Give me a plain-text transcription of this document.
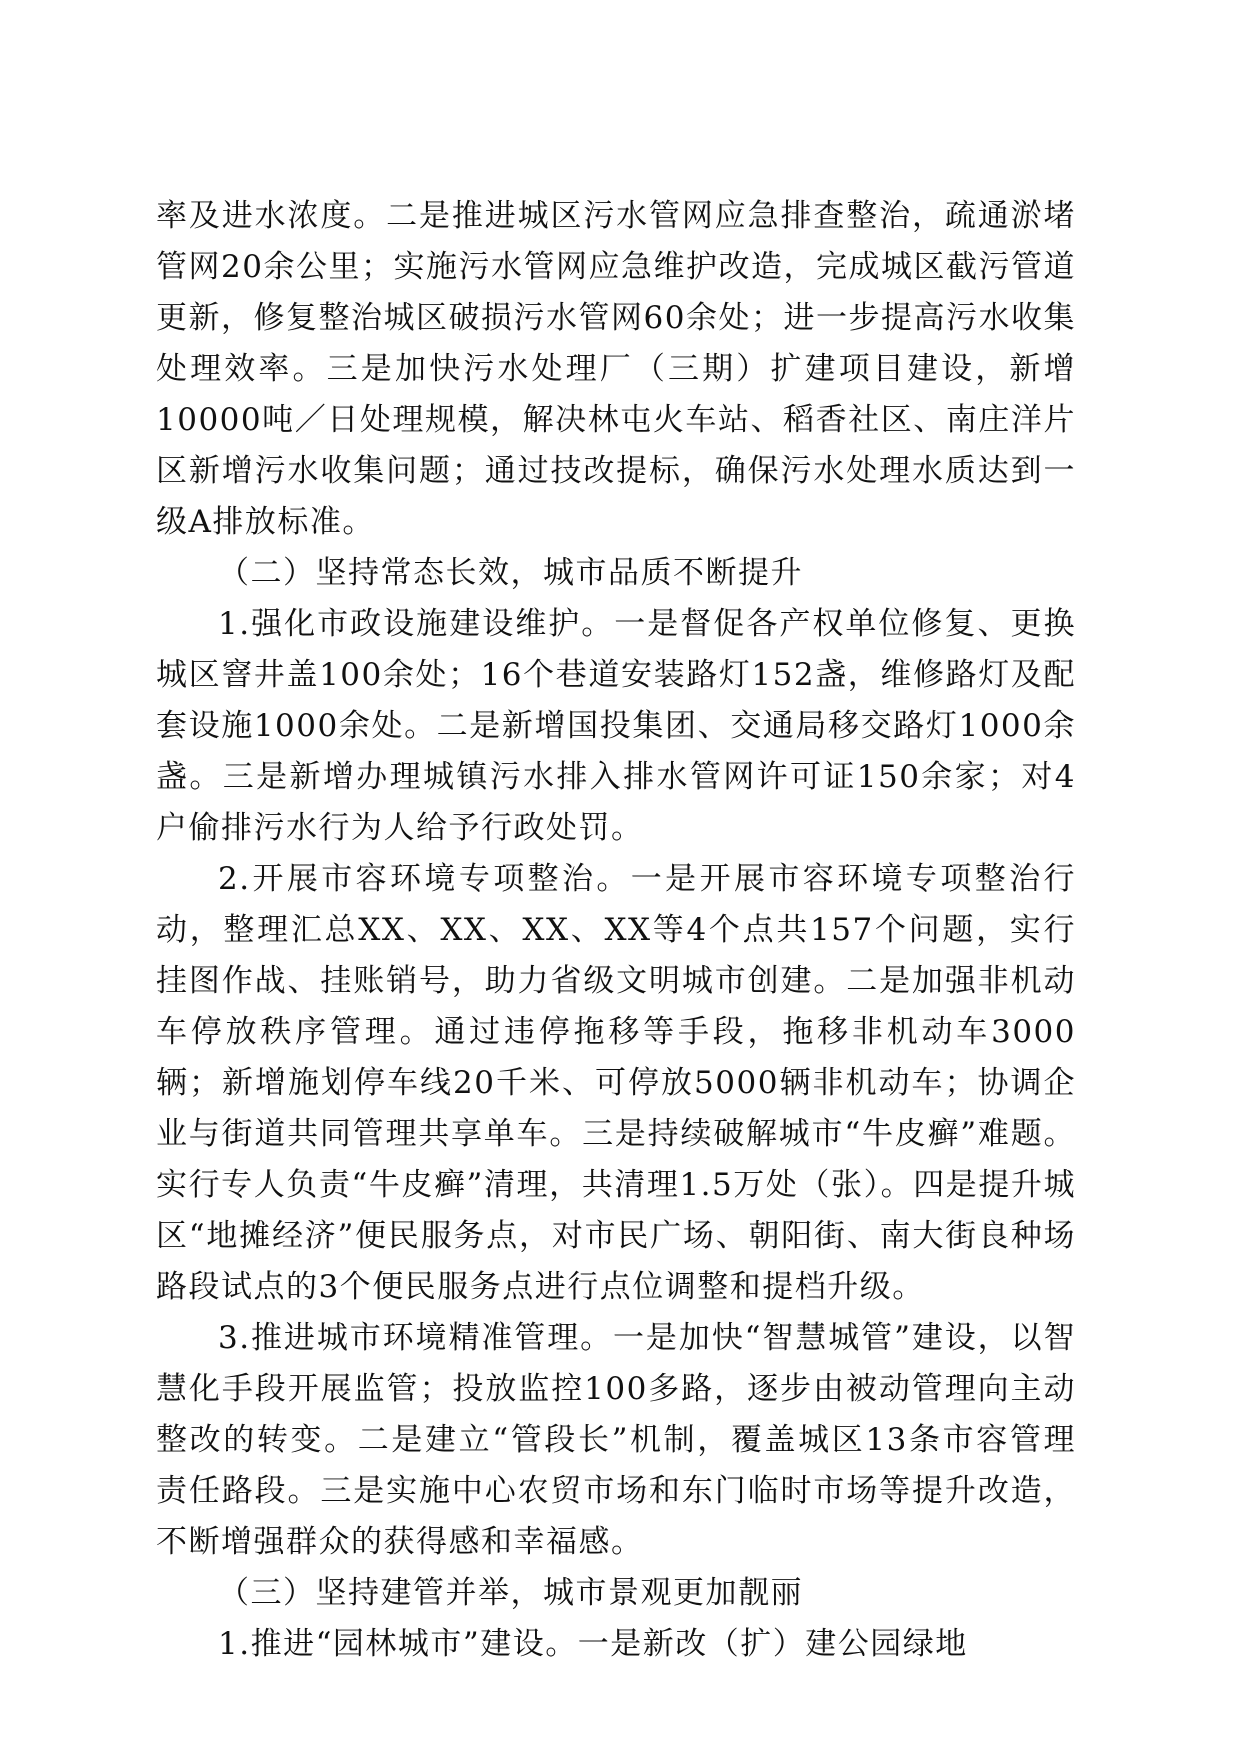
率及进水浓度。二是推进城区污水管网应急排查整治，疏通淤堵管网20余公里；实施污水管网应急维护改造，完成城区截污管道更新，修复整治城区破损污水管网60余处；进一步提高污水收集处理效率。三是加快污水处理厂（三期）扩建项目建设，新增10000吨／日处理规模，解决林屯火车站、稻香社区、南庄洋片区新增污水收集问题；通过技改提标，确保污水处理水质达到一级A排放标准。

（二）坚持常态长效，城市品质不断提升

1.强化市政设施建设维护。一是督促各产权单位修复、更换城区窨井盖100余处；16个巷道安装路灯152盏，维修路灯及配套设施1000余处。二是新增国投集团、交通局移交路灯1000余盏。三是新增办理城镇污水排入排水管网许可证150余家；对4户偷排污水行为人给予行政处罚。

2.开展市容环境专项整治。一是开展市容环境专项整治行动，整理汇总XX、XX、XX、XX等4个点共157个问题，实行挂图作战、挂账销号，助力省级文明城市创建。二是加强非机动车停放秩序管理。通过违停拖移等手段，拖移非机动车3000辆；新增施划停车线20千米、可停放5000辆非机动车；协调企业与街道共同管理共享单车。三是持续破解城市“牛皮癣”难题。实行专人负责“牛皮癣”清理，共清理1.5万处（张）。四是提升城区“地摊经济”便民服务点，对市民广场、朝阳街、南大街良种场路段试点的3个便民服务点进行点位调整和提档升级。

3.推进城市环境精准管理。一是加快“智慧城管”建设，以智慧化手段开展监管；投放监控100多路，逐步由被动管理向主动整改的转变。二是建立“管段长”机制，覆盖城区13条市容管理责任路段。三是实施中心农贸市场和东门临时市场等提升改造，不断增强群众的获得感和幸福感。

（三）坚持建管并举，城市景观更加靓丽

1.推进“园林城市”建设。一是新改（扩）建公园绿地
